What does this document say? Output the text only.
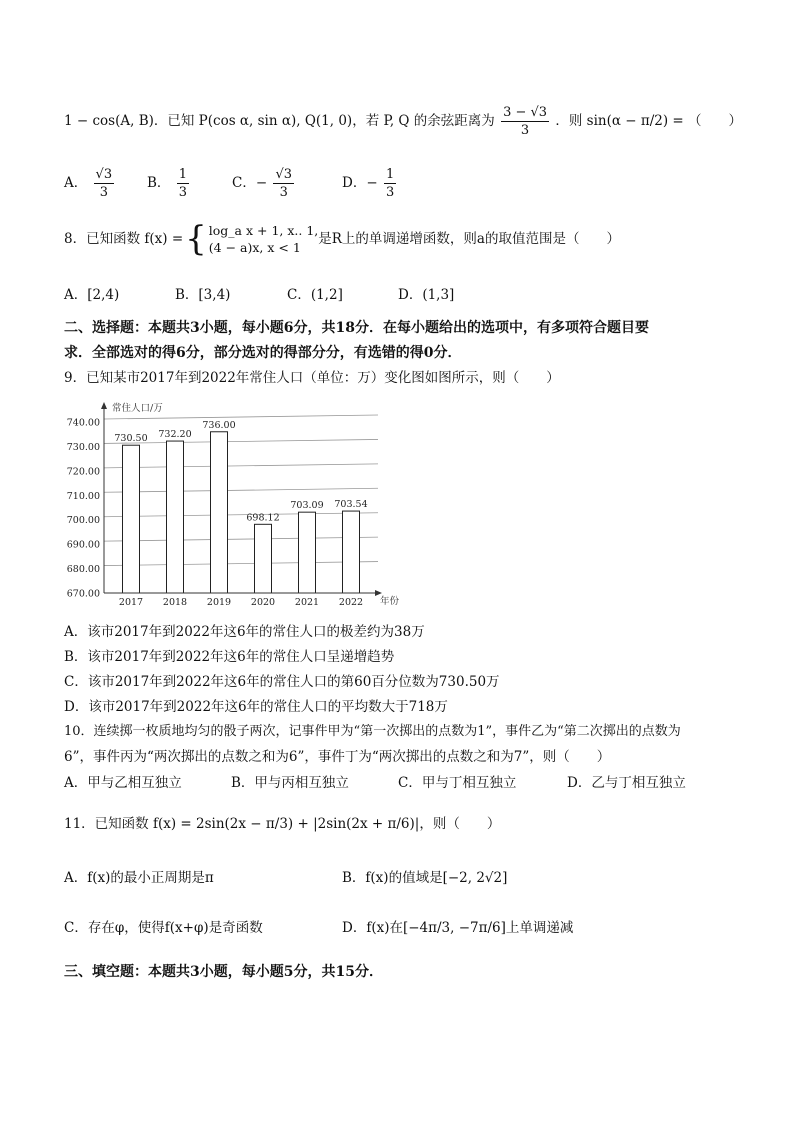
1 − cos(A, B)．已知 P(cos α, sin α), Q(1, 0)，若 P, Q 的余弦距离为 $\frac{3 - √3}{3}$ ．则 sin(α − π/2) = （　　）
A． $\frac{√3}{3}$ B． $\frac{1}{3}$	C．− $\frac{√3}{3}$	D．− $\frac{1}{3}$
8．已知函数 f(x) = { log_a x + 1, x.. 1,
(4 − a)x, x < 1
是R上的单调递增函数，则a的取值范围是（　　）
A．[2,4)	B．[3,4)	C．(1,2]	D．(1,3]
二、选择题：本题共3小题，每小题6分，共18分．在每小题给出的选项中，有多项符合题目要
求．全部选对的得6分，部分选对的得部分分，有选错的得0分．
9．已知某市2017年到2022年常住人口（单位：万）变化图如图所示，则（　　）
670.00
680.00
690.00
700.00
710.00
720.00
730.00
740.00
730.50 732.20
736.00
698.12
703.09 703.54
2017 2018 2019 2020 2021 2022
常住人口/万
年份
A．该市2017年到2022年这6年的常住人口的极差约为38万
B．该市2017年到2022年这6年的常住人口呈递增趋势
C．该市2017年到2022年这6年的常住人口的第60百分位数为730.50万
D．该市2017年到2022年这6年的常住人口的平均数大于718万
10．连续掷一枚质地均匀的骰子两次，记事件甲为“第一次掷出的点数为1”，事件乙为“第二次掷出的点数为
6”，事件丙为“两次掷出的点数之和为6”，事件丁为“两次掷出的点数之和为7”，则（　　）
A．甲与乙相互独立	B．甲与丙相互独立	C．甲与丁相互独立	D．乙与丁相互独立
11．已知函数 f(x) = 2sin(2x − π/3) + |2sin(2x + π/6)|，则（　　）
A．f(x)的最小正周期是π	B．f(x)的值域是[−2, 2√2]
C．存在φ，使得f(x+φ)是奇函数	D．f(x)在[−4π/3, −7π/6]上单调递减
三、填空题：本题共3小题，每小题5分，共15分．
